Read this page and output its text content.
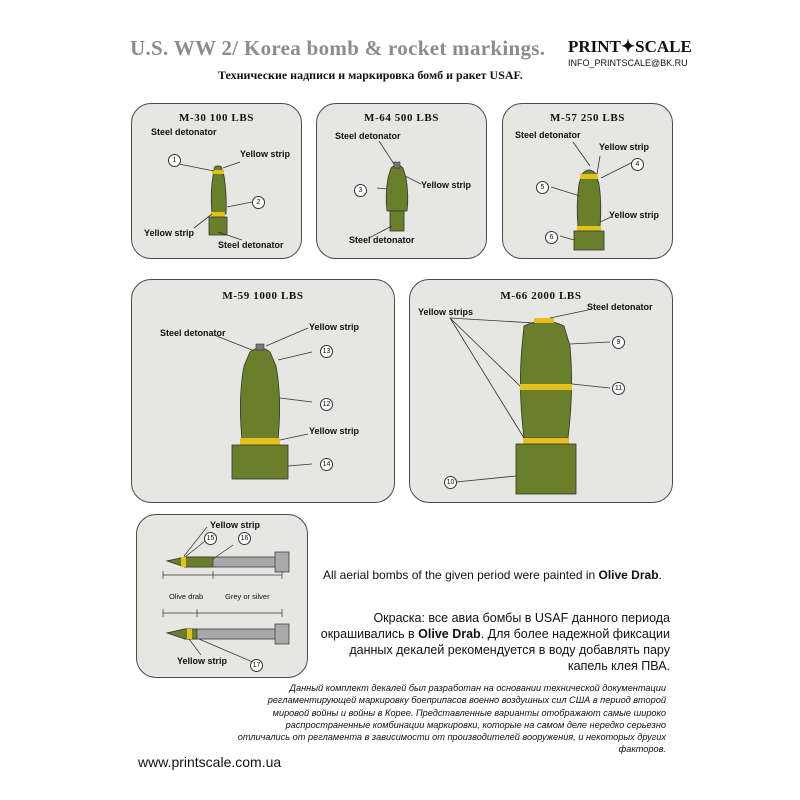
U.S. WW 2/ Korea bomb & rocket markings.
Технические надписи и маркировка бомб и ракет USAF.
PRINT✦SCALE
INFO_PRINTSCALE@BK.RU
M-30 100 LBS
Steel detonator
Yellow strip
Yellow strip
Steel detonator
1
2
M-64 500 LBS
Steel detonator
Yellow strip
Steel detonator
3
M-57 250 LBS
Steel detonator
Yellow strip
Yellow strip
4
5
6
M-59 1000 LBS
Steel detonator
Yellow strip
Yellow strip
13
12
14
M-66 2000 LBS
Yellow strips	Steel detonator
9
11
10
Yellow strip
Olive drab	Grey or silver
Yellow strip
15	16
17
All aerial bombs of the given period were painted in Olive Drab.
Окраска: все авиа бомбы в USAF данного периода окрашивались в Olive Drab. Для более надежной фиксации данных декалей рекомендуется в воду добавлять пару капель клея ПВА.
Данный комплект декалей был разработан на основании технической документации регламентирующей маркировку боеприпасов военно воздушных сил США в период второй мировой войны и войны в Корее. Представленные варианты отображают самые широко распространенные комбинации маркировки, которые на самом деле нередко серьезно отличались от регламента в зависимости от производителей вооружения, и некоторых других факторов.
www.printscale.com.ua
